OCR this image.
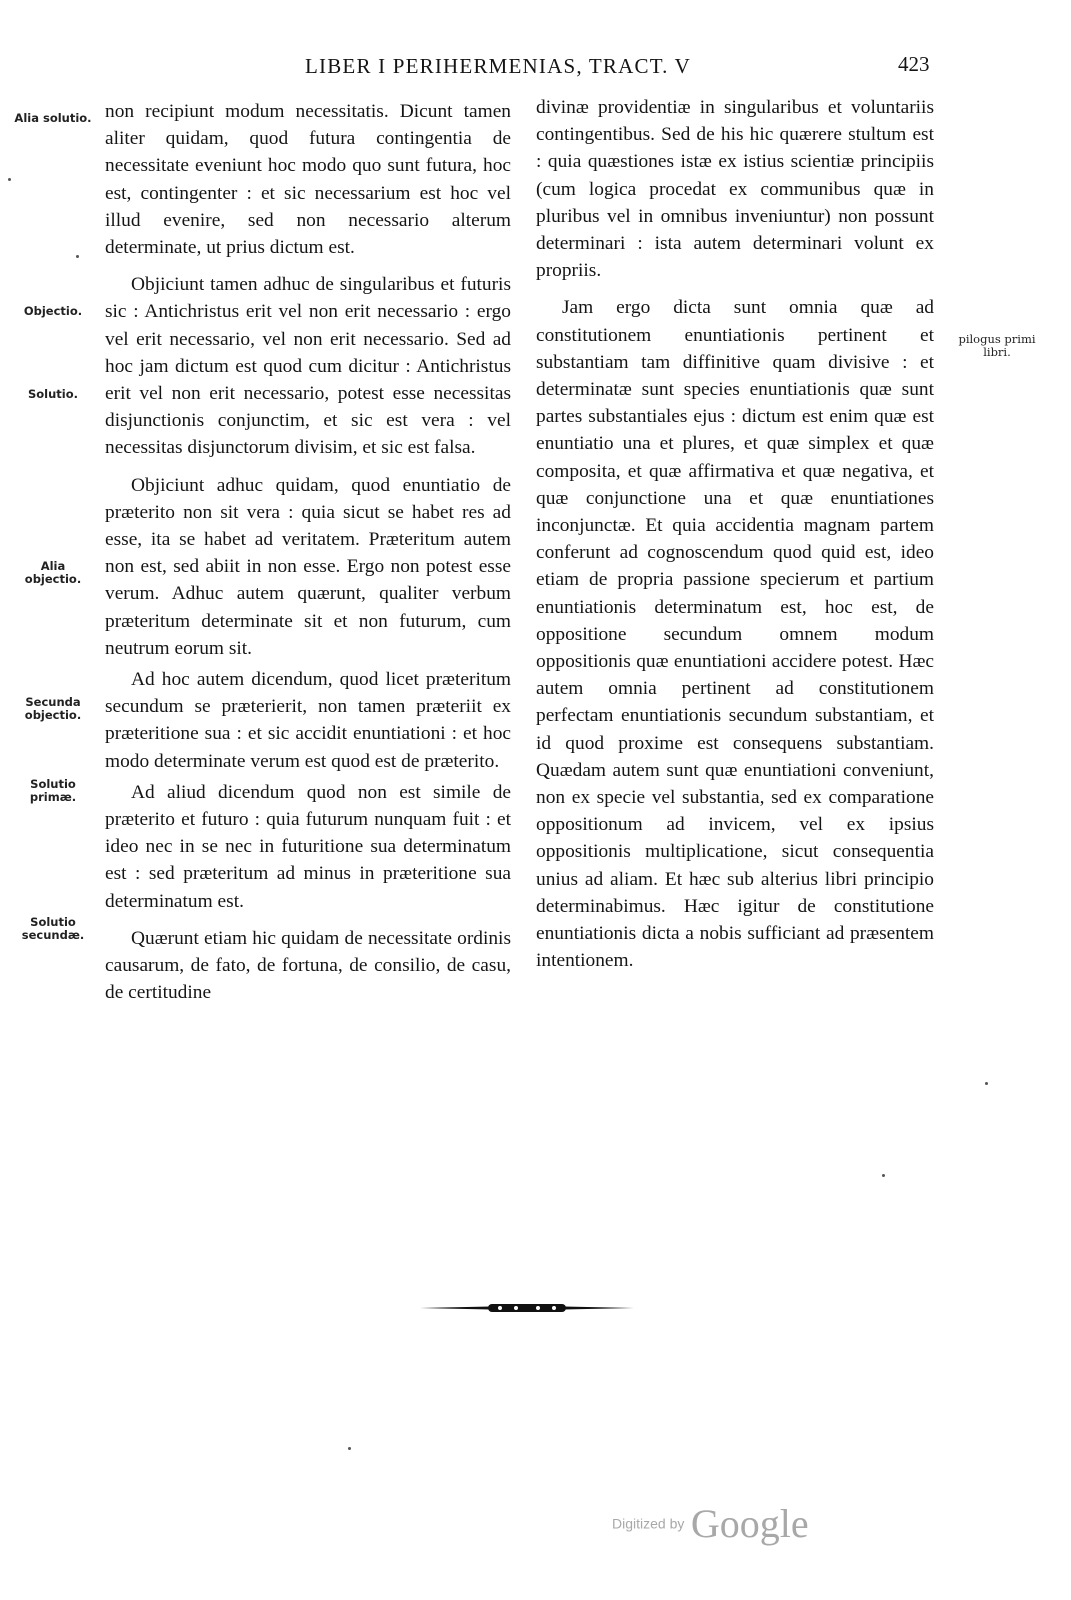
LIBER I PERIHERMENIAS, TRACT. V	423
Alia solutio.
Objectio.
Solutio.
Alia objectio.
Secunda objectio.
Solutio primæ.
Solutio secundæ.
pilogus primi libri.

non recipiunt modum necessitatis. Dicunt tamen aliter quidam, quod futura contingentia de necessitate eveniunt hoc modo quo sunt futura, hoc est, contingenter : et sic necessarium est hoc vel illud evenire, sed non necessario alterum determinate, ut prius dictum est.

Objiciunt tamen adhuc de singularibus et futuris sic : Antichristus erit vel non erit necessario : ergo vel erit necessario, vel non erit necessario. Sed ad hoc jam dictum est quod cum dicitur : Antichristus erit vel non erit necessario, potest esse necessitas disjunctionis conjunctim, et sic est vera : vel necessitas disjunctorum divisim, et sic est falsa.

Objiciunt adhuc quidam, quod enuntiatio de præterito non sit vera : quia sicut se habet res ad esse, ita se habet ad veritatem. Præteritum autem non est, sed abiit in non esse. Ergo non potest esse verum. Adhuc autem quærunt, qualiter verbum præteritum determinate sit et non futurum, cum neutrum eorum sit.

Ad hoc autem dicendum, quod licet præteritum secundum se præterierit, non tamen præteriit ex præteritione sua : et sic accidit enuntiationi : et hoc modo determinate verum est quod est de præterito.

Ad aliud dicendum quod non est simile de præterito et futuro : quia futurum nunquam fuit : et ideo nec in se nec in futuritione sua determinatum est : sed præteritum ad minus in præteritione sua determinatum est.

Quærunt etiam hic quidam de necessitate ordinis causarum, de fato, de fortuna, de consilio, de casu, de certitudine

divinæ providentiæ in singularibus et voluntariis contingentibus. Sed de his hic quærere stultum est : quia quæstiones istæ ex istius scientiæ principiis (cum logica procedat ex communibus quæ in pluribus vel in omnibus inveniuntur) non possunt determinari : ista autem determinari volunt ex propriis.

Jam ergo dicta sunt omnia quæ ad constitutionem enuntiationis pertinent et substantiam tam diffinitive quam divisive : et determinatæ sunt species enuntiationis quæ sunt partes substantiales ejus : dictum est enim quæ est enuntiatio una et plures, et quæ simplex et quæ composita, et quæ affirmativa et quæ negativa, et quæ conjunctione una et quæ enuntiationes inconjunctæ. Et quia accidentia magnam partem conferunt ad cognoscendum quod quid est, ideo etiam de propria passione specierum et partium enuntiationis determinatum est, hoc est, de oppositione secundum omnem modum oppositionis quæ enuntiationi accidere potest. Hæc autem omnia pertinent ad constitutionem perfectam enuntiationis secundum substantiam, et id quod proxime est consequens substantiam. Quædam autem sunt quæ enuntiationi conveniunt, non ex specie vel substantia, sed ex comparatione oppositionum ad invicem, vel ex ipsius oppositionis multiplicatione, sicut consequentia unius ad aliam. Et hæc sub alterius libri principio determinabimus. Hæc igitur de constitutione enuntiationis dicta a nobis sufficiant ad præsentem intentionem.

Digitized by Google
